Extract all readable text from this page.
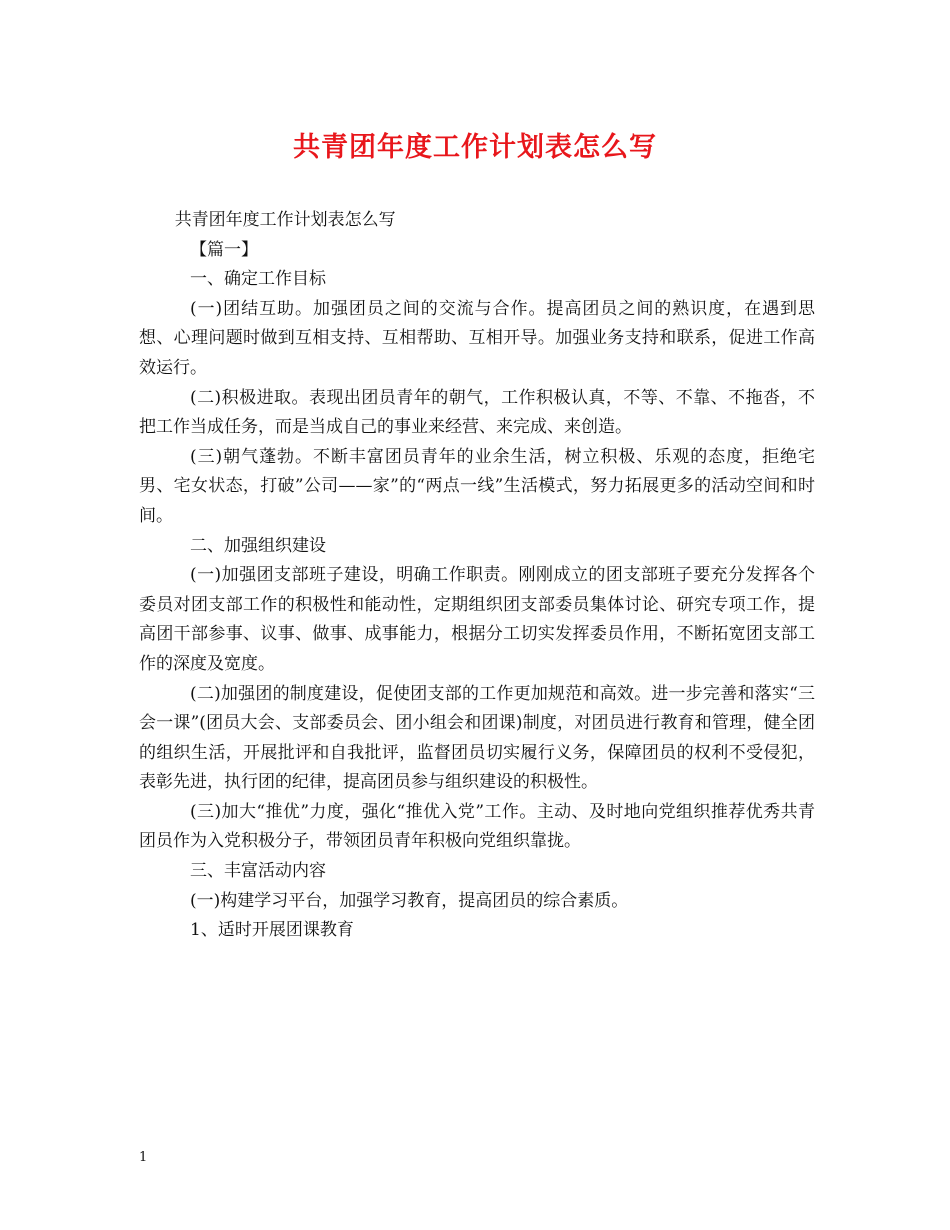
共青团年度工作计划表怎么写

共青团年度工作计划表怎么写

【篇一】

一、确定工作目标

(一)团结互助。加强团员之间的交流与合作。提高团员之间的熟识度，在遇到思想、心理问题时做到互相支持、互相帮助、互相开导。加强业务支持和联系，促进工作高效运行。

(二)积极进取。表现出团员青年的朝气，工作积极认真，不等、不靠、不拖沓，不把工作当成任务，而是当成自己的事业来经营、来完成、来创造。

(三)朝气蓬勃。不断丰富团员青年的业余生活，树立积极、乐观的态度，拒绝宅男、宅女状态，打破”公司——家”的“两点一线”生活模式，努力拓展更多的活动空间和时间。

二、加强组织建设

(一)加强团支部班子建设，明确工作职责。刚刚成立的团支部班子要充分发挥各个委员对团支部工作的积极性和能动性，定期组织团支部委员集体讨论、研究专项工作，提高团干部参事、议事、做事、成事能力，根据分工切实发挥委员作用，不断拓宽团支部工作的深度及宽度。

(二)加强团的制度建设，促使团支部的工作更加规范和高效。进一步完善和落实“三会一课”(团员大会、支部委员会、团小组会和团课)制度，对团员进行教育和管理，健全团的组织生活，开展批评和自我批评，监督团员切实履行义务，保障团员的权利不受侵犯，表彰先进，执行团的纪律，提高团员参与组织建设的积极性。

(三)加大“推优”力度，强化“推优入党”工作。主动、及时地向党组织推荐优秀共青团员作为入党积极分子，带领团员青年积极向党组织靠拢。

三、丰富活动内容

(一)构建学习平台，加强学习教育，提高团员的综合素质。

1、适时开展团课教育

1
